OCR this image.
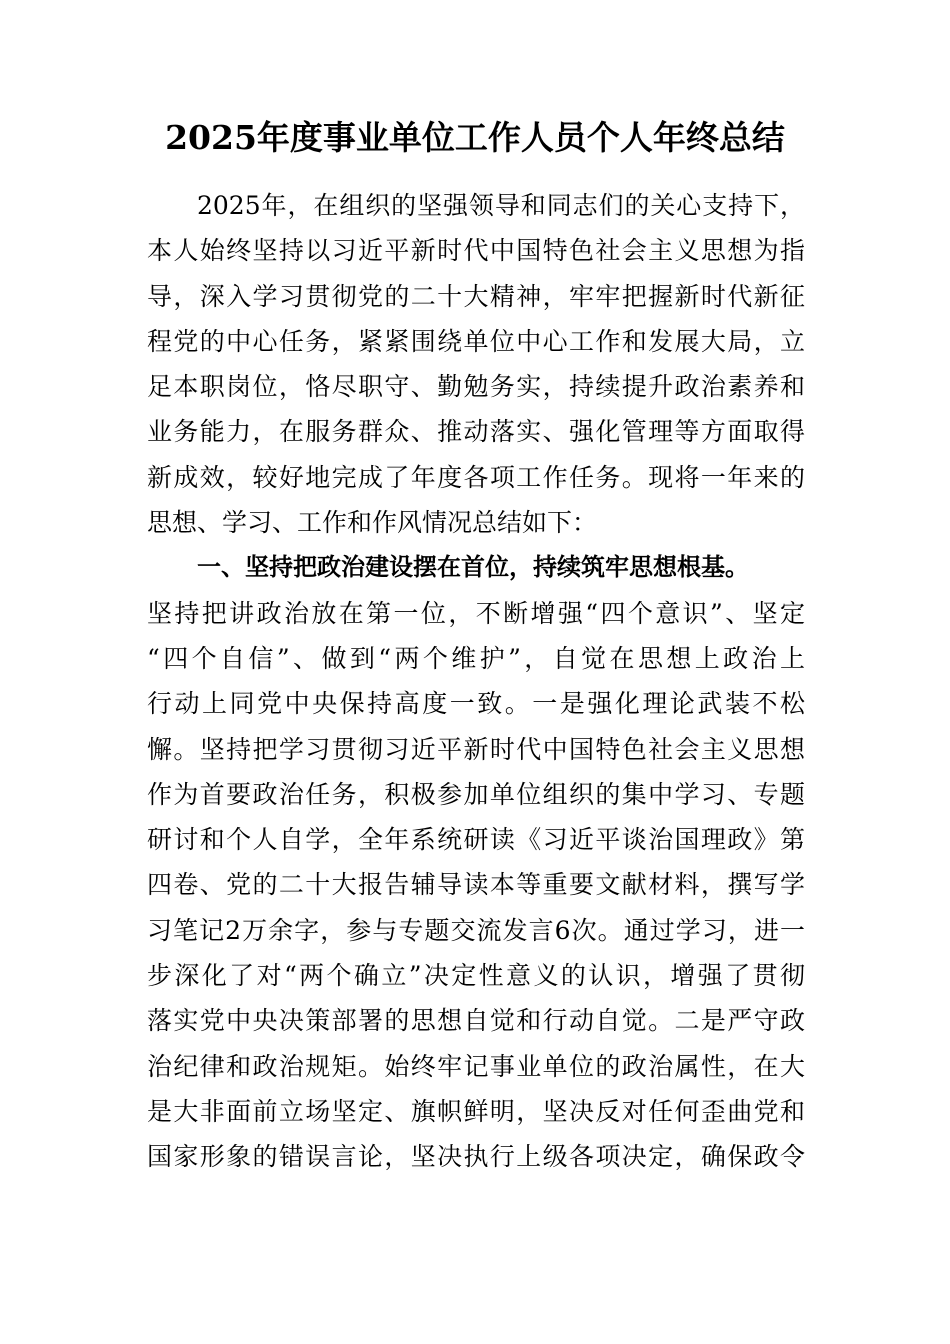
2025年度事业单位工作人员个人年终总结
2025年，在组织的坚强领导和同志们的关心支持下，
本人始终坚持以习近平新时代中国特色社会主义思想为指
导，深入学习贯彻党的二十大精神，牢牢把握新时代新征
程党的中心任务，紧紧围绕单位中心工作和发展大局，立
足本职岗位，恪尽职守、勤勉务实，持续提升政治素养和
业务能力，在服务群众、推动落实、强化管理等方面取得
新成效，较好地完成了年度各项工作任务。现将一年来的
思想、学习、工作和作风情况总结如下：
一、坚持把政治建设摆在首位，持续筑牢思想根基。
坚持把讲政治放在第一位，不断增强“四个意识”、坚定
“四个自信”、做到“两个维护”，自觉在思想上政治上
行动上同党中央保持高度一致。一是强化理论武装不松
懈。坚持把学习贯彻习近平新时代中国特色社会主义思想
作为首要政治任务，积极参加单位组织的集中学习、专题
研讨和个人自学，全年系统研读《习近平谈治国理政》第
四卷、党的二十大报告辅导读本等重要文献材料，撰写学
习笔记2万余字，参与专题交流发言6次。通过学习，进一
步深化了对“两个确立”决定性意义的认识，增强了贯彻
落实党中央决策部署的思想自觉和行动自觉。二是严守政
治纪律和政治规矩。始终牢记事业单位的政治属性，在大
是大非面前立场坚定、旗帜鲜明，坚决反对任何歪曲党和
国家形象的错误言论，坚决执行上级各项决定，确保政令
